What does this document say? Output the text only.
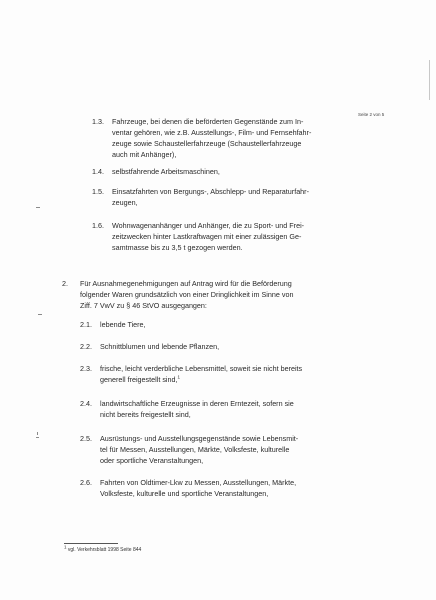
Seite 2 von 5
1.3. Fahrzeuge, bei denen die beförderten Gegenstände zum In-
ventar gehören, wie z.B. Ausstellungs-, Film- und Fernsehfahr-
zeuge sowie Schaustellerfahrzeuge (Schaustellerfahrzeuge
auch mit Anhänger),
1.4. selbstfahrende Arbeitsmaschinen,
1.5. Einsatzfahrten von Bergungs-, Abschlepp- und Reparaturfahr-
zeugen,
1.6. Wohnwagenanhänger und Anhänger, die zu Sport- und Frei-
zeitzwecken hinter Lastkraftwagen mit einer zulässigen Ge-
samtmasse bis zu 3,5 t gezogen werden.
2. Für Ausnahmegenehmigungen auf Antrag wird für die Beförderung
folgender Waren grundsätzlich von einer Dringlichkeit im Sinne von
Ziff. 7 VwV zu § 46 StVO ausgegangen:
2.1. lebende Tiere,
2.2. Schnittblumen und lebende Pflanzen,
2.3. frische, leicht verderbliche Lebensmittel, soweit sie nicht bereits
generell freigestellt sind,$^1$
2.4. landwirtschaftliche Erzeugnisse in deren Erntezeit, sofern sie
nicht bereits freigestellt sind,
2.5. Ausrüstungs- und Ausstellungsgegenstände sowie Lebensmit-
tel für Messen, Ausstellungen, Märkte, Volksfeste, kulturelle
oder sportliche Veranstaltungen,
2.6. Fahrten von Oldtimer-Lkw zu Messen, Ausstellungen, Märkte,
Volksfeste, kulturelle und sportliche Veranstaltungen,
1 vgl. Verkehrsblatt 1998 Seite 844
